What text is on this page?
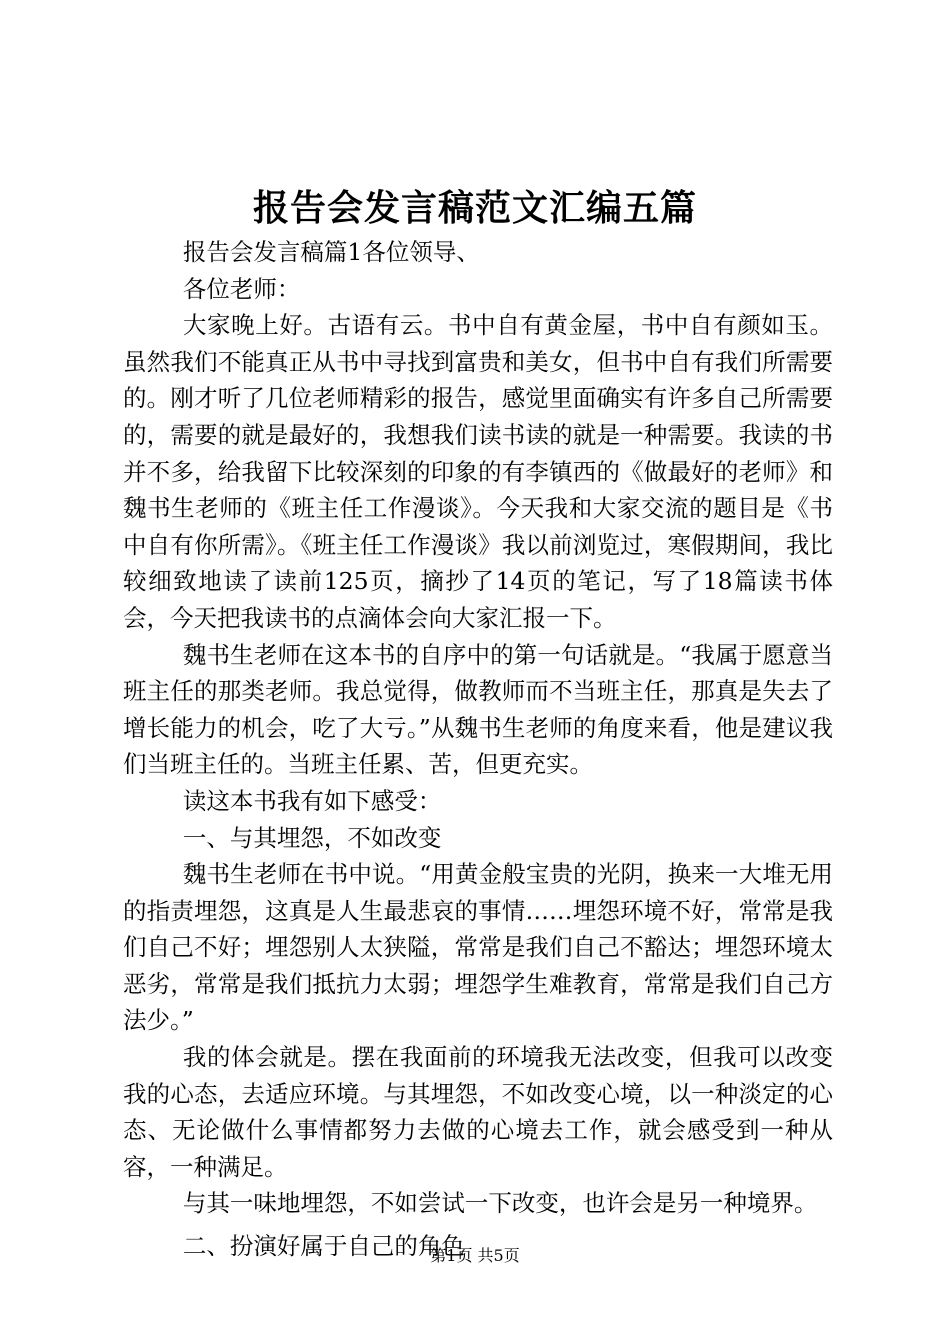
报告会发言稿范文汇编五篇

报告会发言稿篇1各位领导、

各位老师：

大家晚上好。古语有云。书中自有黄金屋，书中自有颜如玉。虽然我们不能真正从书中寻找到富贵和美女，但书中自有我们所需要的。刚才听了几位老师精彩的报告，感觉里面确实有许多自己所需要的，需要的就是最好的，我想我们读书读的就是一种需要。我读的书并不多，给我留下比较深刻的印象的有李镇西的《做最好的老师》和魏书生老师的《班主任工作漫谈》。今天我和大家交流的题目是《书中自有你所需》。《班主任工作漫谈》我以前浏览过，寒假期间，我比较细致地读了读前125页，摘抄了14页的笔记，写了18篇读书体会，今天把我读书的点滴体会向大家汇报一下。

魏书生老师在这本书的自序中的第一句话就是。“我属于愿意当班主任的那类老师。我总觉得，做教师而不当班主任，那真是失去了增长能力的机会，吃了大亏。”从魏书生老师的角度来看，他是建议我们当班主任的。当班主任累、苦，但更充实。

读这本书我有如下感受：

一、与其埋怨，不如改变

魏书生老师在书中说。“用黄金般宝贵的光阴，换来一大堆无用的指责埋怨，这真是人生最悲哀的事情……埋怨环境不好，常常是我们自己不好；埋怨别人太狭隘，常常是我们自己不豁达；埋怨环境太恶劣，常常是我们抵抗力太弱；埋怨学生难教育，常常是我们自己方法少。”

我的体会就是。摆在我面前的环境我无法改变，但我可以改变我的心态，去适应环境。与其埋怨，不如改变心境，以一种淡定的心态、无论做什么事情都努力去做的心境去工作，就会感受到一种从容，一种满足。

与其一味地埋怨，不如尝试一下改变，也许会是另一种境界。

二、扮演好属于自己的角色

第1页 共5页
